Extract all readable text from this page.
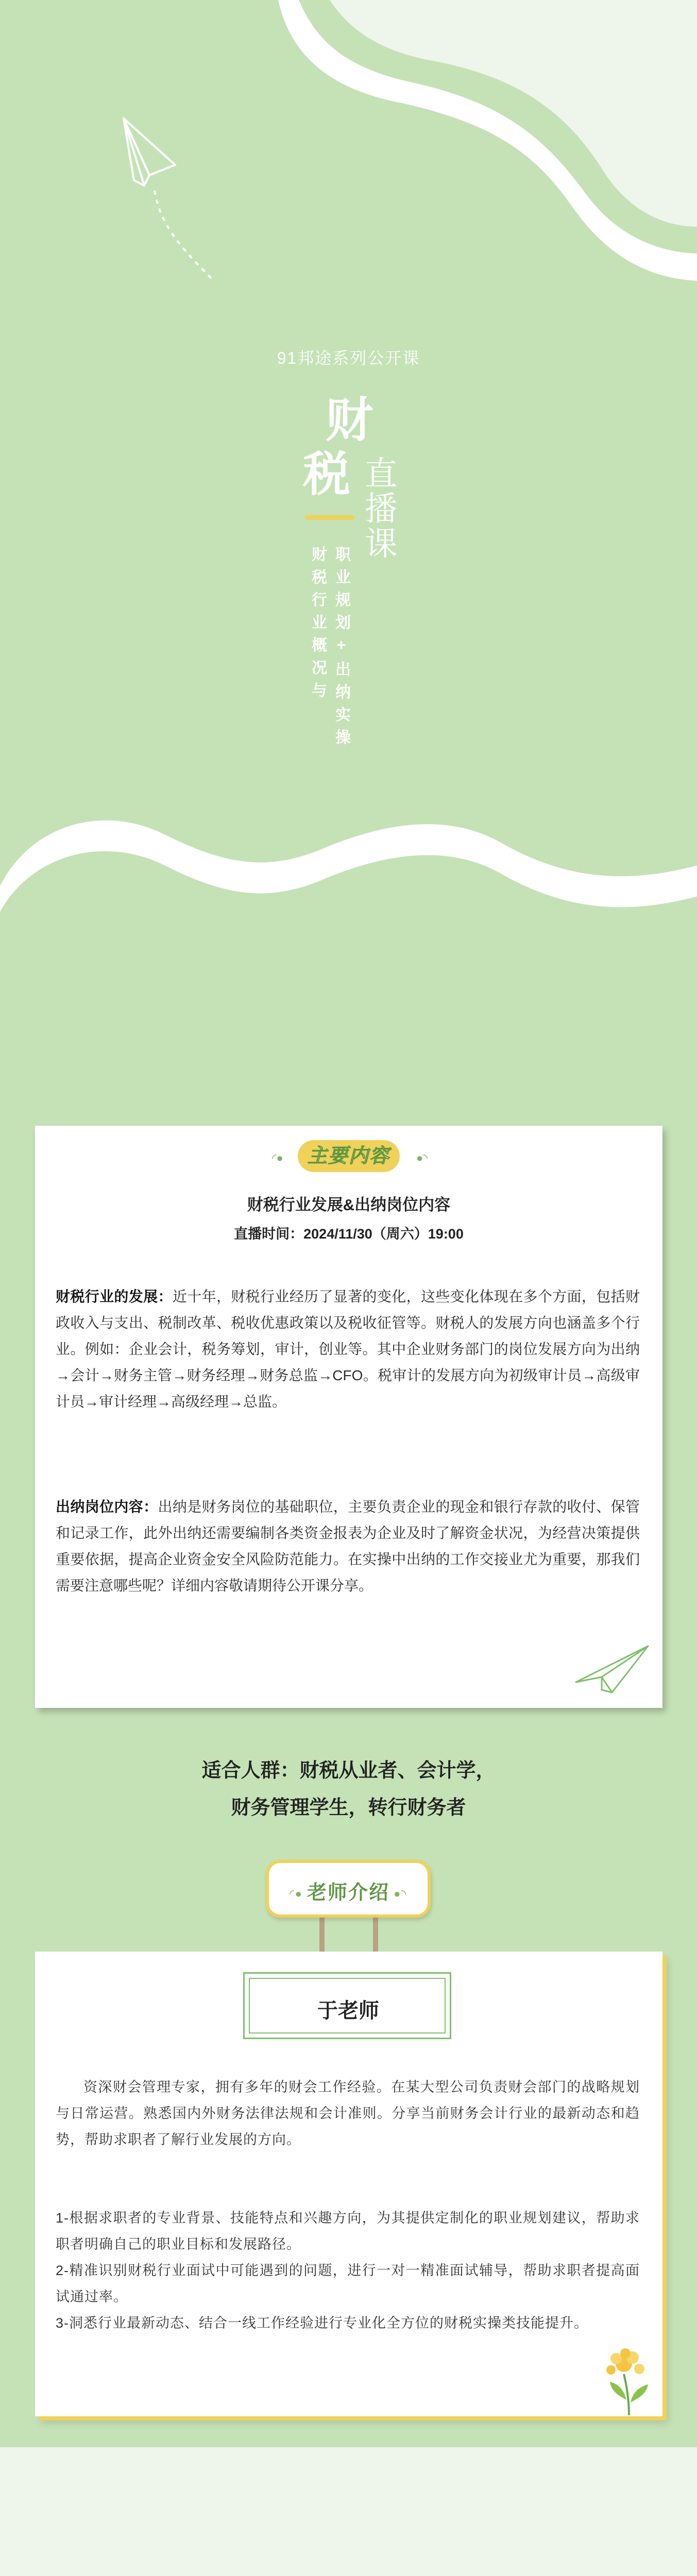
91邦途系列公开课
财
税 直播课
职业规划+出纳实操
财税行业概况与
◜●	主要内容	●◝
财税行业发展&出纳岗位内容
直播时间：2024/11/30（周六）19:00
财税行业的发展：近十年，财税行业经历了显著的变化，这些变化体现在多个方面，包括财政收入与支出、税制改革、税收优惠政策以及税收征管等。财税人的发展方向也涵盖多个行业。例如：企业会计，税务筹划，审计，创业等。其中企业财务部门的岗位发展方向为出纳→会计→财务主管→财务经理→财务总监→CFO。税审计的发展方向为初级审计员→高级审计员→审计经理→高级经理→总监。
出纳岗位内容：出纳是财务岗位的基础职位，主要负责企业的现金和银行存款的收付、保管和记录工作，此外出纳还需要编制各类资金报表为企业及时了解资金状况，为经营决策提供重要依据，提高企业资金安全风险防范能力。在实操中出纳的工作交接业尤为重要，那我们需要注意哪些呢？详细内容敬请期待公开课分享。
适合人群：财税从业者、会计学，
财务管理学生，转行财务者
◜● 老师介绍 ●◝
于老师
资深财会管理专家，拥有多年的财会工作经验。在某大型公司负责财会部门的战略规划与日常运营。熟悉国内外财务法律法规和会计准则。分享当前财务会计行业的最新动态和趋势，帮助求职者了解行业发展的方向。
1-根据求职者的专业背景、技能特点和兴趣方向，为其提供定制化的职业规划建议，帮助求职者明确自己的职业目标和发展路径。
2-精准识别财税行业面试中可能遇到的问题，进行一对一精准面试辅导，帮助求职者提高面试通过率。
3-洞悉行业最新动态、结合一线工作经验进行专业化全方位的财税实操类技能提升。
